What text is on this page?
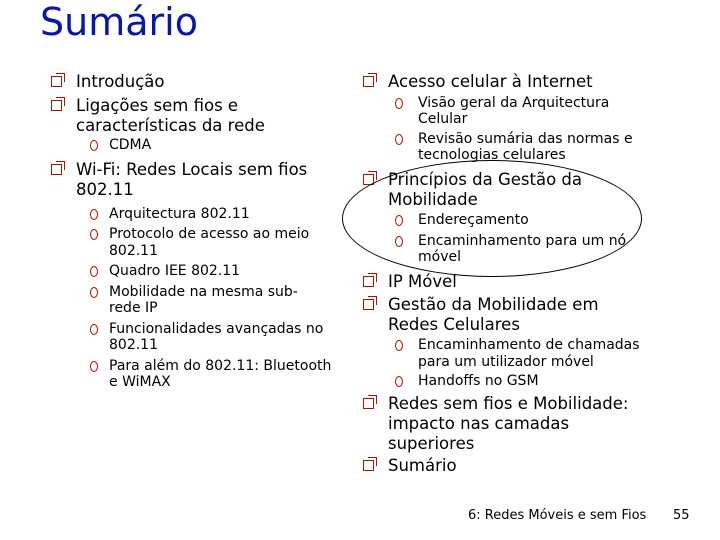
Sumário
Introdução
Ligações sem fios e características da rede
CDMA
Wi-Fi: Redes Locais sem fios 802.11
Arquitectura 802.11
Protocolo de acesso ao meio 802.11
Quadro IEE 802.11
Mobilidade na mesma sub-rede IP
Funcionalidades avançadas no 802.11
Para além do 802.11: Bluetooth e WiMAX
Acesso celular à Internet
Visão geral da Arquitectura Celular
Revisão sumária das normas e tecnologias celulares
Princípios da Gestão da Mobilidade
Endereçamento
Encaminhamento para um nó móvel
IP Móvel
Gestão da Mobilidade em Redes Celulares
Encaminhamento de chamadas para um utilizador móvel
Handoffs no GSM
Redes sem fios e Mobilidade: impacto nas camadas superiores
Sumário
6: Redes Móveis e sem Fios 55
